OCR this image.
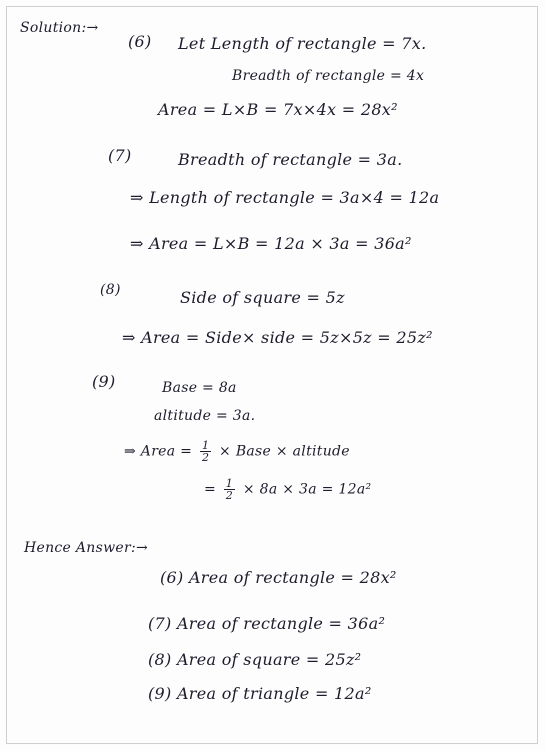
Solution:→
(6) Let Length of rectangle = 7x.
Breadth of rectangle = 4x
Area = L×B = 7x×4x = 28x²
(7)	Breadth of rectangle = 3a.
⇒ Length of rectangle = 3a×4 = 12a
⇒ Area = L×B = 12a × 3a = 36a²
(8)	Side of square = 5z
⇒ Area = Side× side = 5z×5z = 25z²
(9)	Base = 8a
altitude = 3a.
⇒ Area = $\frac{1}{2}$ × Base × altitude
= $\frac{1}{2} \times 8a \times 3a = 12a^2$
Hence Answer:→
(6) Area of rectangle = 28x²
(7) Area of rectangle = 36a²
(8) Area of square = 25z²
(9) Area of triangle = 12a²
